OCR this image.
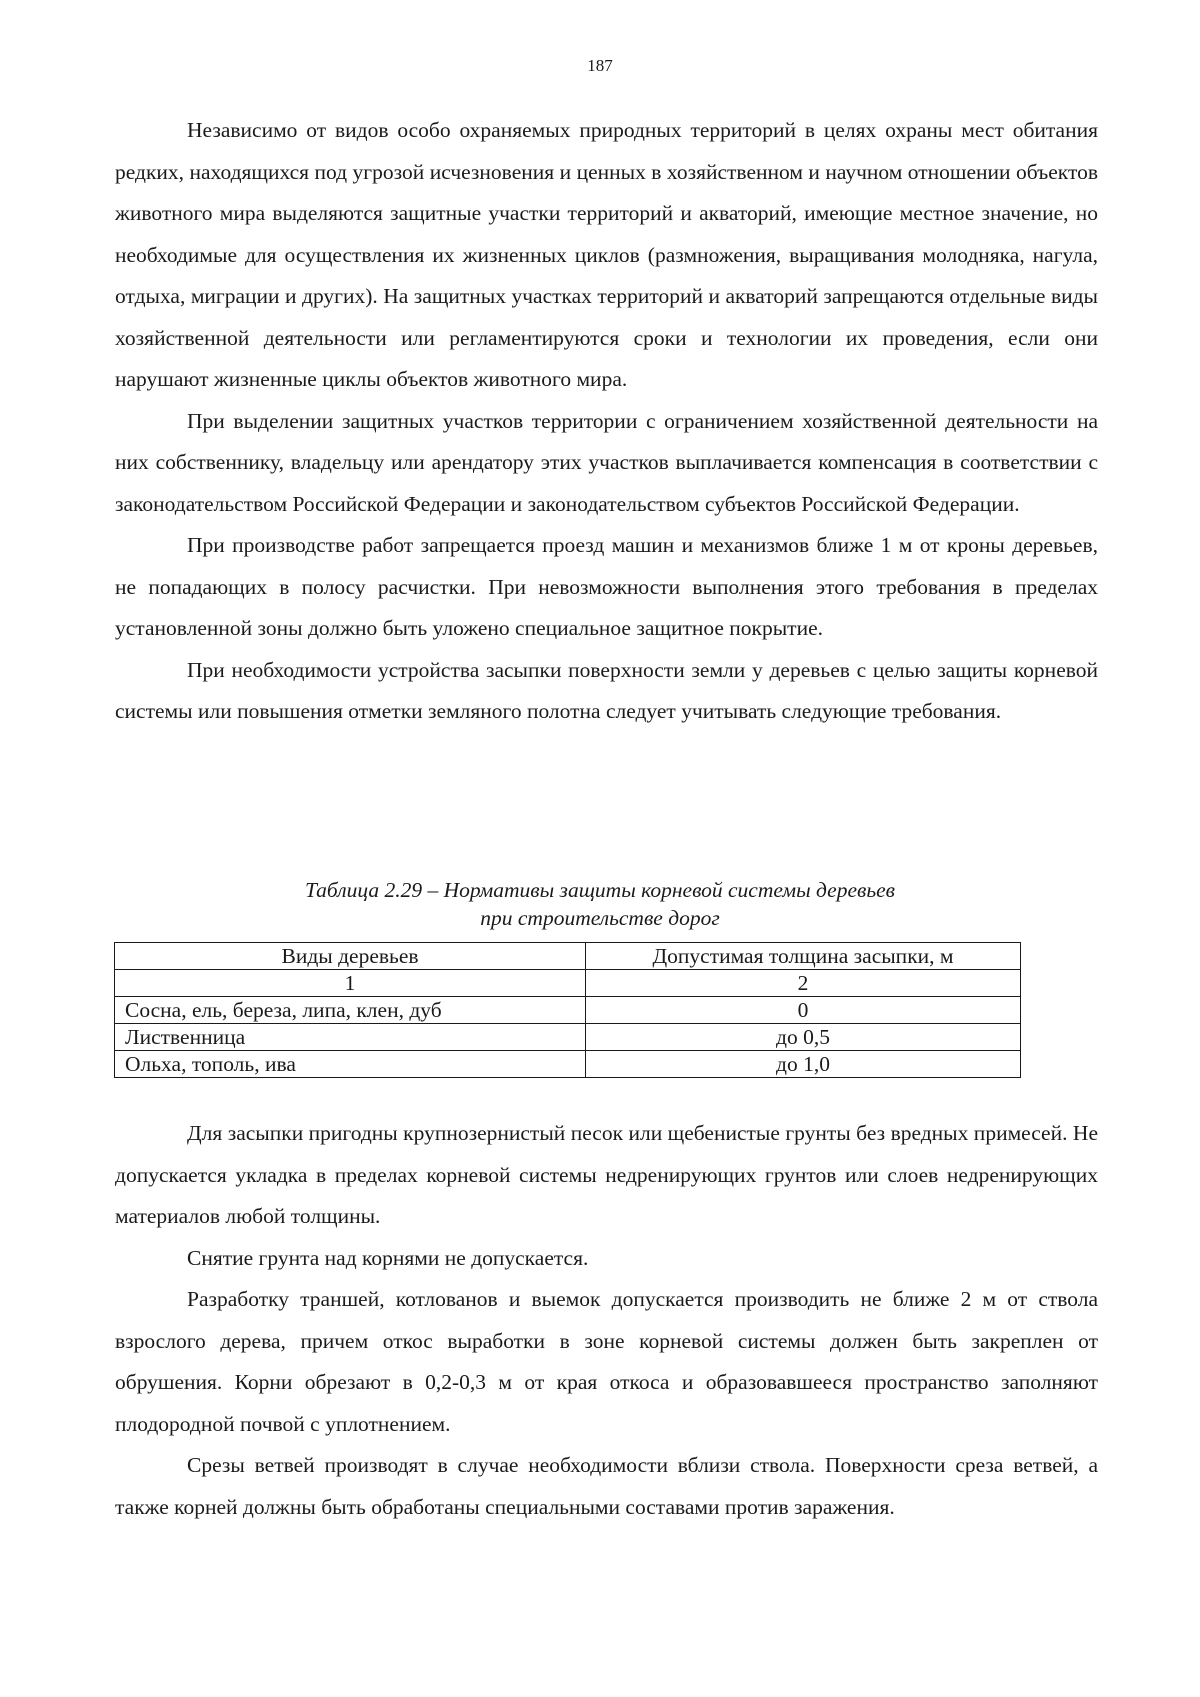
187

Независимо от видов особо охраняемых природных территорий в целях охраны мест обитания редких, находящихся под угрозой исчезновения и ценных в хозяйственном и научном отношении объектов животного мира выделяются защитные участки территорий и акваторий, имеющие местное значение, но необходимые для осуществления их жизненных циклов (размножения, выращивания молодняка, нагула, отдыха, миграции и других). На защитных участках территорий и акваторий запрещаются отдельные виды хозяйственной деятельности или регламентируются сроки и технологии их проведения, если они нарушают жизненные циклы объектов животного мира.

При выделении защитных участков территории с ограничением хозяйственной деятельности на них собственнику, владельцу или арендатору этих участков выплачивается компенсация в соответствии с законодательством Российской Федерации и законодательством субъектов Российской Федерации.

При производстве работ запрещается проезд машин и механизмов ближе 1 м от кроны деревьев, не попадающих в полосу расчистки. При невозможности выполнения этого требования в пределах установленной зоны должно быть уложено специальное защитное покрытие.

При необходимости устройства засыпки поверхности земли у деревьев с целью защиты корневой системы или повышения отметки земляного полотна следует учитывать следующие требования.

Таблица 2.29 – Нормативы защиты корневой системы деревьев
при строительстве дорог
Виды деревьев	Допустимая толщина засыпки, м
1	2
Сосна, ель, береза, липа, клен, дуб	0
Лиственница	до 0,5
Ольха, тополь, ива	до 1,0

Для засыпки пригодны крупнозернистый песок или щебенистые грунты без вредных примесей. Не допускается укладка в пределах корневой системы недренирующих грунтов или слоев недренирующих материалов любой толщины.

Снятие грунта над корнями не допускается.

Разработку траншей, котлованов и выемок допускается производить не ближе 2 м от ствола взрослого дерева, причем откос выработки в зоне корневой системы должен быть закреплен от обрушения. Корни обрезают в 0,2-0,3 м от края откоса и образовавшееся пространство заполняют плодородной почвой с уплотнением.

Срезы ветвей производят в случае необходимости вблизи ствола. Поверхности среза ветвей, а также корней должны быть обработаны специальными составами против заражения.
